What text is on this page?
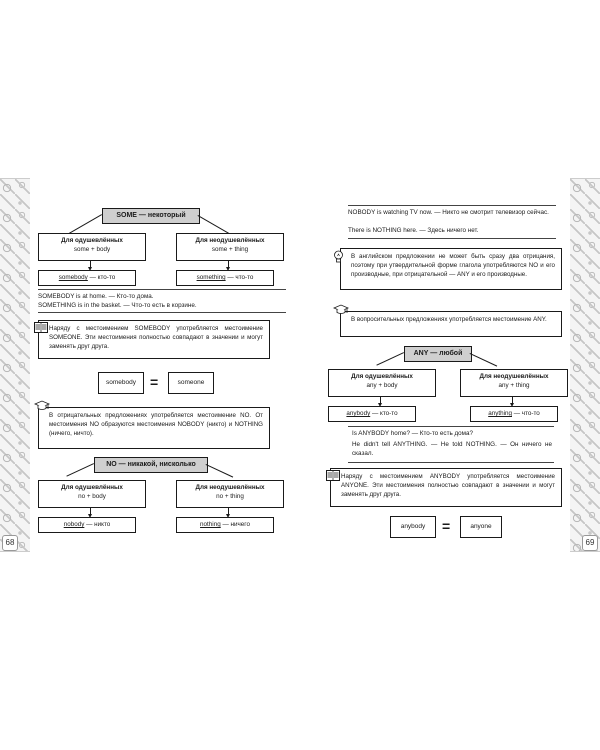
SOME — некоторый
Для одушевлённых
some + body
Для неодушевлённых
some + thing
somebody — кто-то	something — что-то
SOMEBODY is at home. — Кто-то дома.
SOMETHING is in the basket. — Что-то есть в корзине.
Наряду с местоимением SOMEBODY употребляется местоимение SOMEONE. Эти местоимения полностью совпадают в значении и могут заменять друг друга.
somebody	=	someone
В отрицательных предложениях употребляется местоимение NO. От местоимения NO образуются местоимения NOBODY (никто) и NOTHING (ничего, ничто).
NO — никакой, нисколько
Для одушевлённых
no + body
Для неодушевлённых
no + thing
nobody — никто	nothing — ничего
68
NOBODY is watching TV now. — Никто не смотрит телевизор сейчас.
There is NOTHING here. — Здесь ничего нет.
В английском предложении не может быть сразу два отрицания, поэтому при утвердительной форме глагола употребляются NO и его производные, при отрицательной — ANY и его производные.
В вопросительных предложениях употребляется местоимение ANY.
ANY — любой
Для одушевлённых
any + body
Для неодушевлённых
any + thing
anybody — кто-то	anything — что-то
Is ANYBODY home? — Кто-то есть дома?
He didn't tell ANYTHING. — He told NOTHING. — Он ничего не сказал.
Наряду с местоимением ANYBODY употребляется местоимение ANYONE. Эти местоимения полностью совпадают в значении и могут заменять друг друга.
anybody	=	anyone
69
